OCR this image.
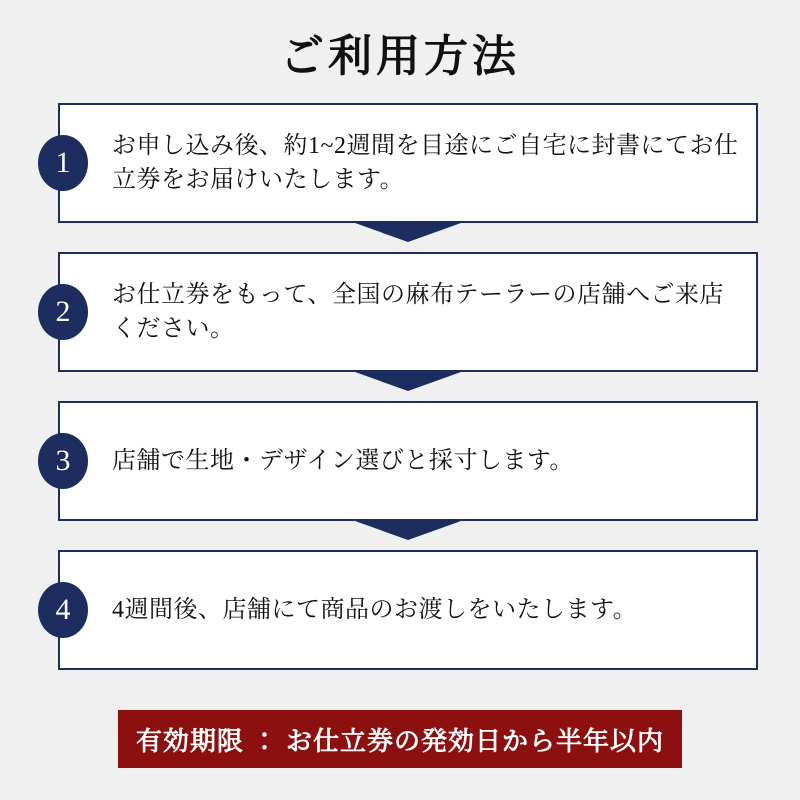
ご利用方法
1	お申し込み後、約1~2週間を目途にご自宅に封書にてお仕立券をお届けいたします。
2	お仕立券をもって、全国の麻布テーラーの店舗へご来店ください。
3	店舗で生地・デザイン選びと採寸します。
4	4週間後、店舗にて商品のお渡しをいたします。
有効期限 ： お仕立券の発効日から半年以内
